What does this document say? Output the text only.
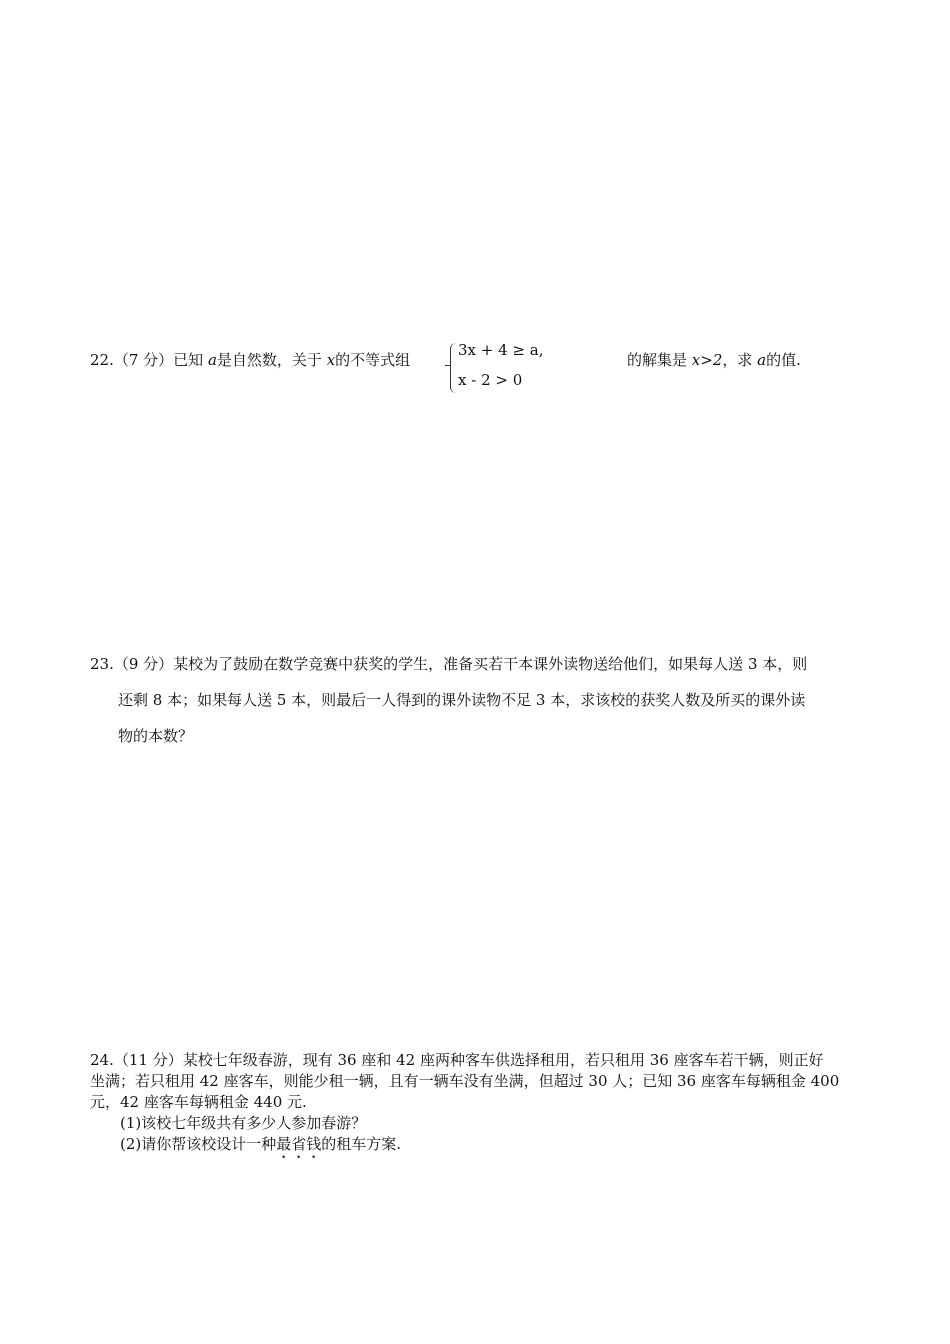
22.（7 分）已知 a是自然数，关于 x的不等式组
3x + 4 ≥ a,
x - 2 > 0
的解集是 x>2，求 a的值.
23.（9 分）某校为了鼓励在数学竞赛中获奖的学生，准备买若干本课外读物送给他们，如果每人送 3 本，则
还剩 8 本；如果每人送 5 本，则最后一人得到的课外读物不足 3 本，求该校的获奖人数及所买的课外读
物的本数？
24.（11 分）某校七年级春游，现有 36 座和 42 座两种客车供选择租用，若只租用 36 座客车若干辆，则正好
坐满；若只租用 42 座客车，则能少租一辆，且有一辆车没有坐满，但超过 30 人；已知 36 座客车每辆租金 400
元，42 座客车每辆租金 440 元.
(1)该校七年级共有多少人参加春游？
(2)请你帮该校设计一种最省钱的租车方案.
